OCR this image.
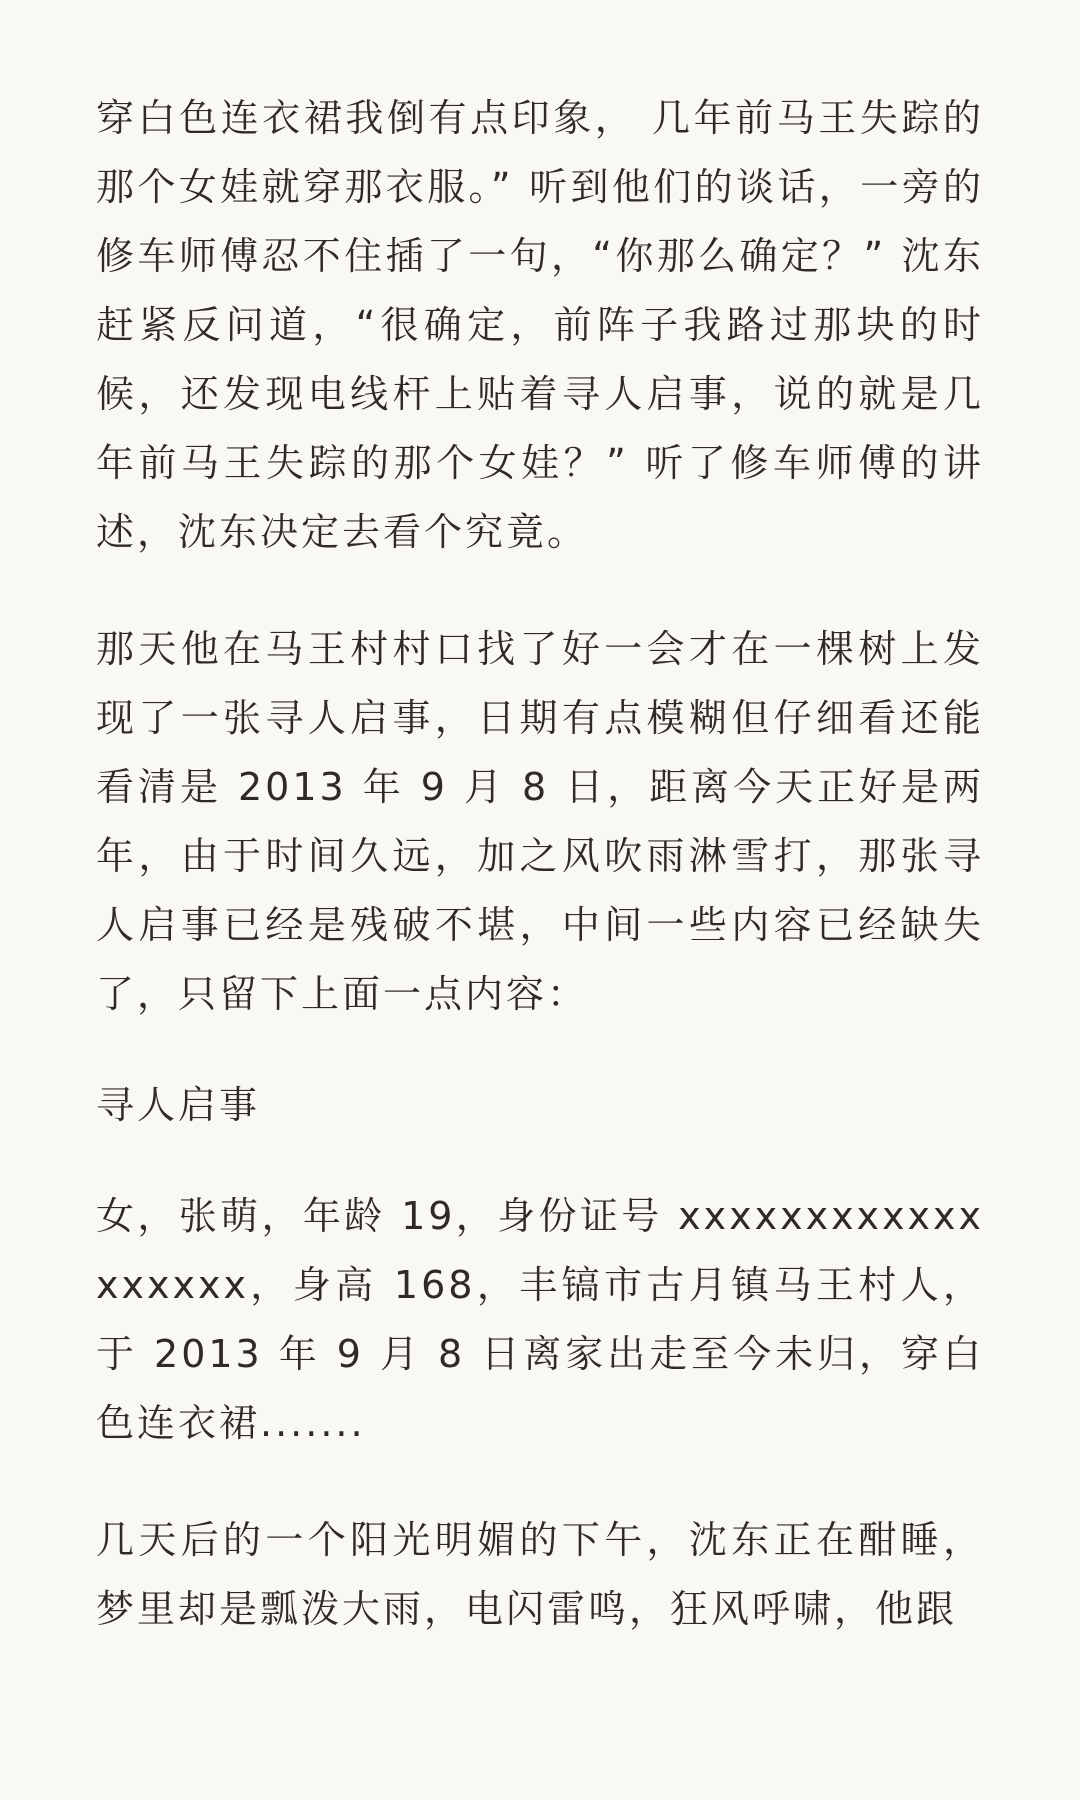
穿白色连衣裙我倒有点印象， 几年前马王失踪的那个女娃就穿那衣服。” 听到他们的谈话，一旁的修车师傅忍不住插了一句，“你那么确定？” 沈东赶紧反问道，“很确定，前阵子我路过那块的时候，还发现电线杆上贴着寻人启事，说的就是几年前马王失踪的那个女娃？” 听了修车师傅的讲述，沈东决定去看个究竟。

那天他在马王村村口找了好一会才在一棵树上发现了一张寻人启事，日期有点模糊但仔细看还能看清是 2013 年 9 月 8 日，距离今天正好是两年，由于时间久远，加之风吹雨淋雪打，那张寻人启事已经是残破不堪，中间一些内容已经缺失了，只留下上面一点内容：

寻人启事

女，张萌，年龄 19，身份证号 xxxxxxxxxxxxxxxxxx，身高 168，丰镐市古月镇马王村人，于 2013 年 9 月 8 日离家出走至今未归，穿白色连衣裙.......

几天后的一个阳光明媚的下午，沈东正在酣睡，梦里却是瓢泼大雨，电闪雷鸣，狂风呼啸，他跟
